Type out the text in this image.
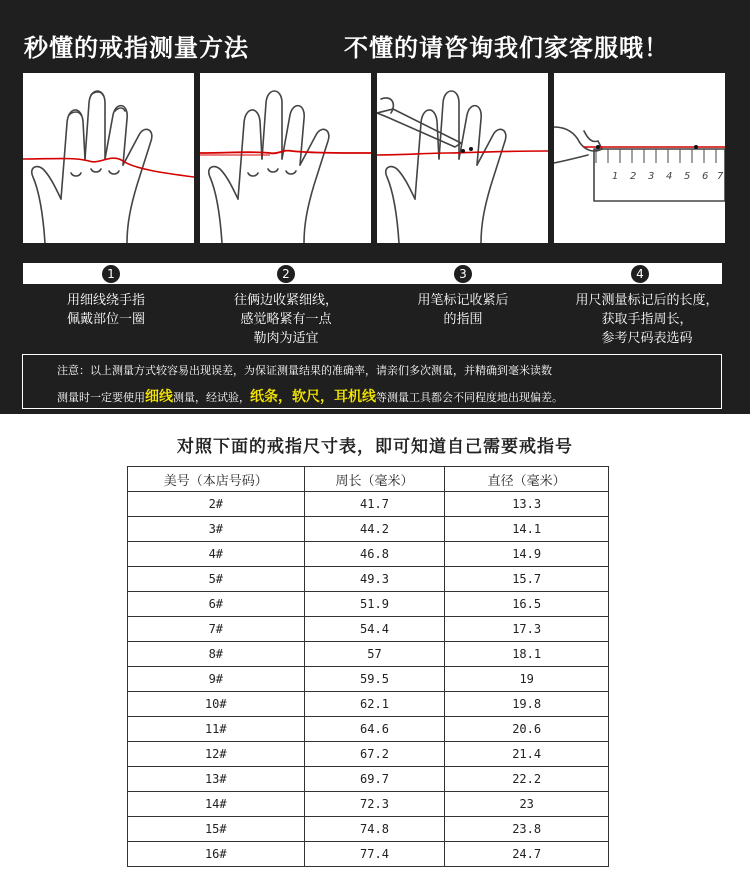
秒懂的戒指测量方法	不懂的请咨询我们家客服哦！
1 2 3 4 5 6 7
1	2	3	4
用细线绕手指
佩戴部位一圈
往俩边收紧细线，
感觉略紧有一点
勒肉为适宜
用笔标记收紧后
的指围
用尺测量标记后的长度，
获取手指周长，
参考尺码表选码
注意：以上测量方式较容易出现误差，为保证测量结果的准确率，请亲们多次测量，并精确到毫米读数
测量时一定要使用细线测量，经试验，纸条，软尺，耳机线等测量工具都会不同程度地出现偏差。
对照下面的戒指尺寸表，即可知道自己需要戒指号
美号（本店号码）	周长（毫米）	直径（毫米）
2#	41.7	13.3
3#	44.2	14.1
4#	46.8	14.9
5#	49.3	15.7
6#	51.9	16.5
7#	54.4	17.3
8#	57	18.1
9#	59.5	19
10#	62.1	19.8
11#	64.6	20.6
12#	67.2	21.4
13#	69.7	22.2
14#	72.3	23
15#	74.8	23.8
16#	77.4	24.7
